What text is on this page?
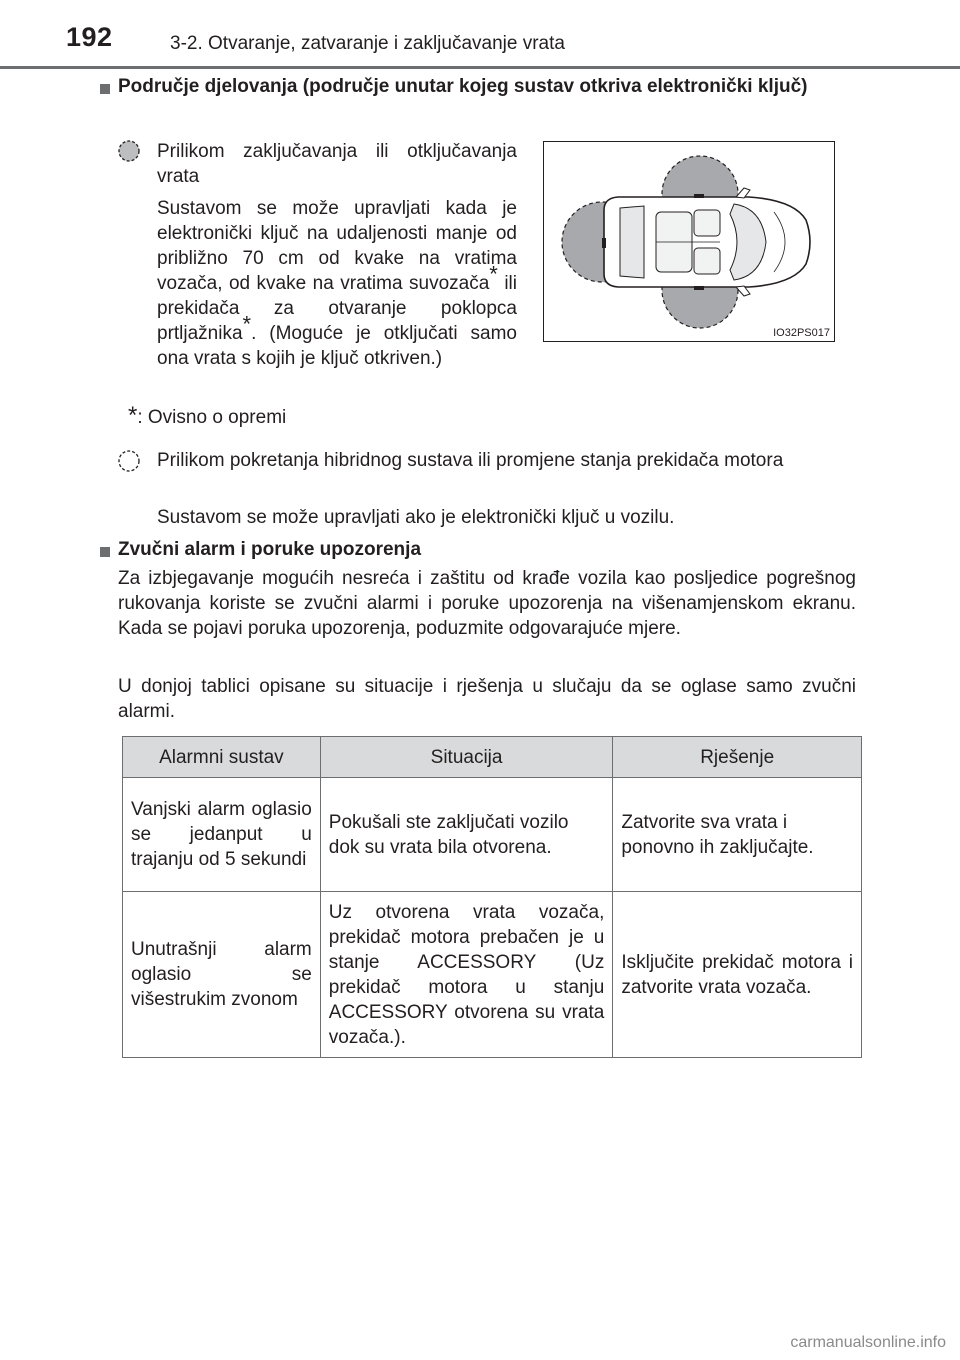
192	3-2. Otvaranje, zatvaranje i zaključavanje vrata
Područje djelovanja (područje unutar kojeg sustav otkriva elektronički ključ)
Prilikom zaključavanja ili otključavanja vrata
Sustavom se može upravljati kada je elektronički ključ na udaljenosti manje od približno 70 cm od kvake na vratima vozača, od kvake na vratima suvozača* ili prekidača za otvaranje poklopca prtljažnika*. (Moguće je otključati samo ona vrata s kojih je ključ otkriven.)
*: Ovisno o opremi
IO32PS017
Prilikom pokretanja hibridnog sustava ili promjene stanja prekidača motora
Sustavom se može upravljati ako je elektronički ključ u vozilu.
Zvučni alarm i poruke upozorenja
Za izbjegavanje mogućih nesreća i zaštitu od krađe vozila kao posljedice pogrešnog rukovanja koriste se zvučni alarmi i poruke upozorenja na višenamjenskom ekranu. Kada se pojavi poruka upozorenja, poduzmite odgovarajuće mjere.
U donjoj tablici opisane su situacije i rješenja u slučaju da se oglase samo zvučni alarmi.
Alarmni sustav	Situacija	Rješenje
Vanjski alarm oglasio se jedanput u trajanju od 5 sekundi	Pokušali ste zaključati vozilo dok su vrata bila otvorena.	Zatvorite sva vrata i ponovno ih zaključajte.
Unutrašnji alarm oglasio se višestrukim zvonom	Uz otvorena vrata vozača, prekidač motora prebačen je u stanje ACCESSORY (Uz prekidač motora u stanju ACCESSORY otvorena su vrata vozača.).	Isključite prekidač motora i zatvorite vrata vozača.
carmanualsonline.info
